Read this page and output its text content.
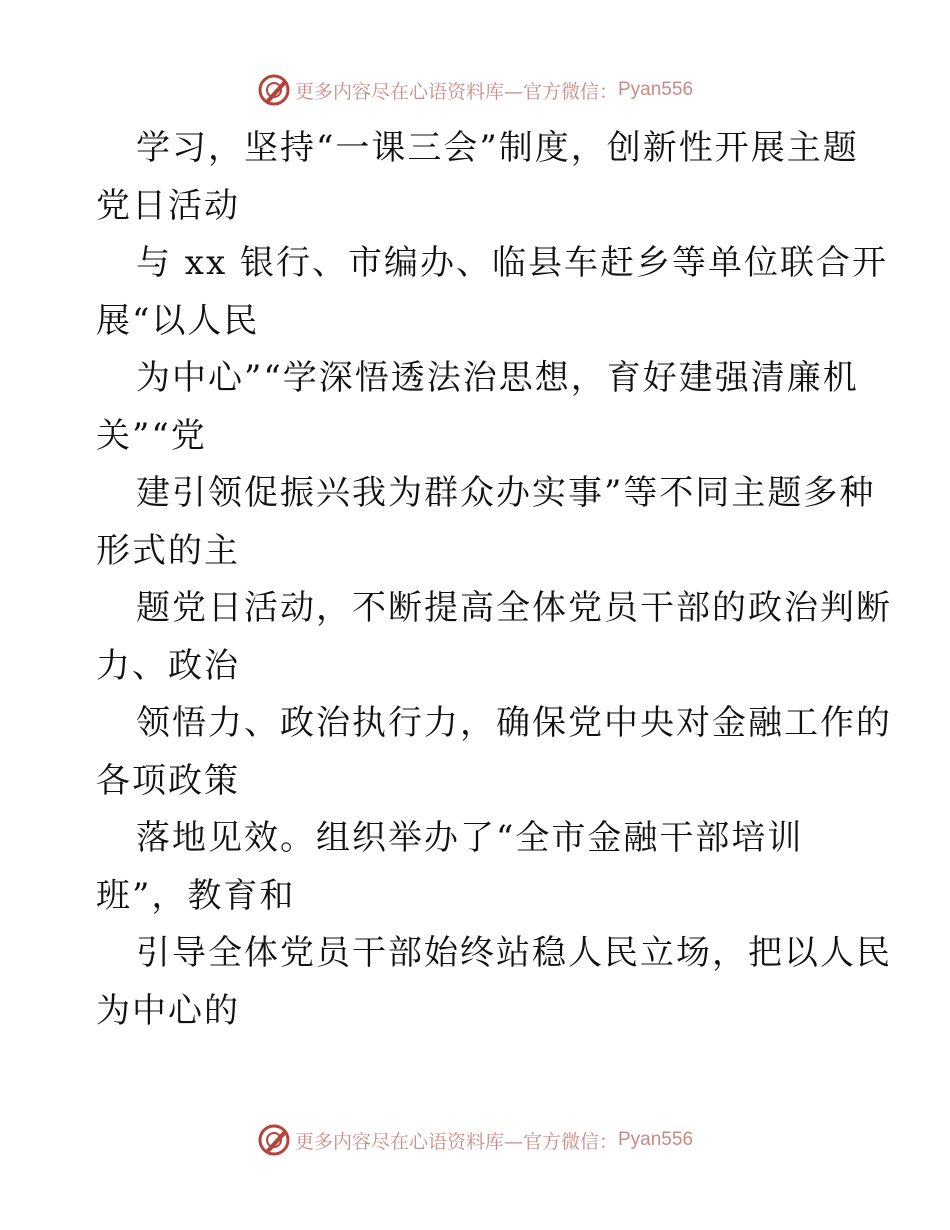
更多内容尽在心语资料库—官方微信： Pyan556
学习，坚持“一课三会”制度，创新性开展主题
党日活动
与 xx 银行、市编办、临县车赶乡等单位联合开
展“以人民
为中心”“学深悟透法治思想，育好建强清廉机
关”“党
建引领促振兴我为群众办实事”等不同主题多种
形式的主
题党日活动，不断提高全体党员干部的政治判断
力、政治
领悟力、政治执行力，确保党中央对金融工作的
各项政策
落地见效。组织举办了“全市金融干部培训
班”，教育和
引导全体党员干部始终站稳人民立场，把以人民
为中心的
更多内容尽在心语资料库—官方微信： Pyan556
